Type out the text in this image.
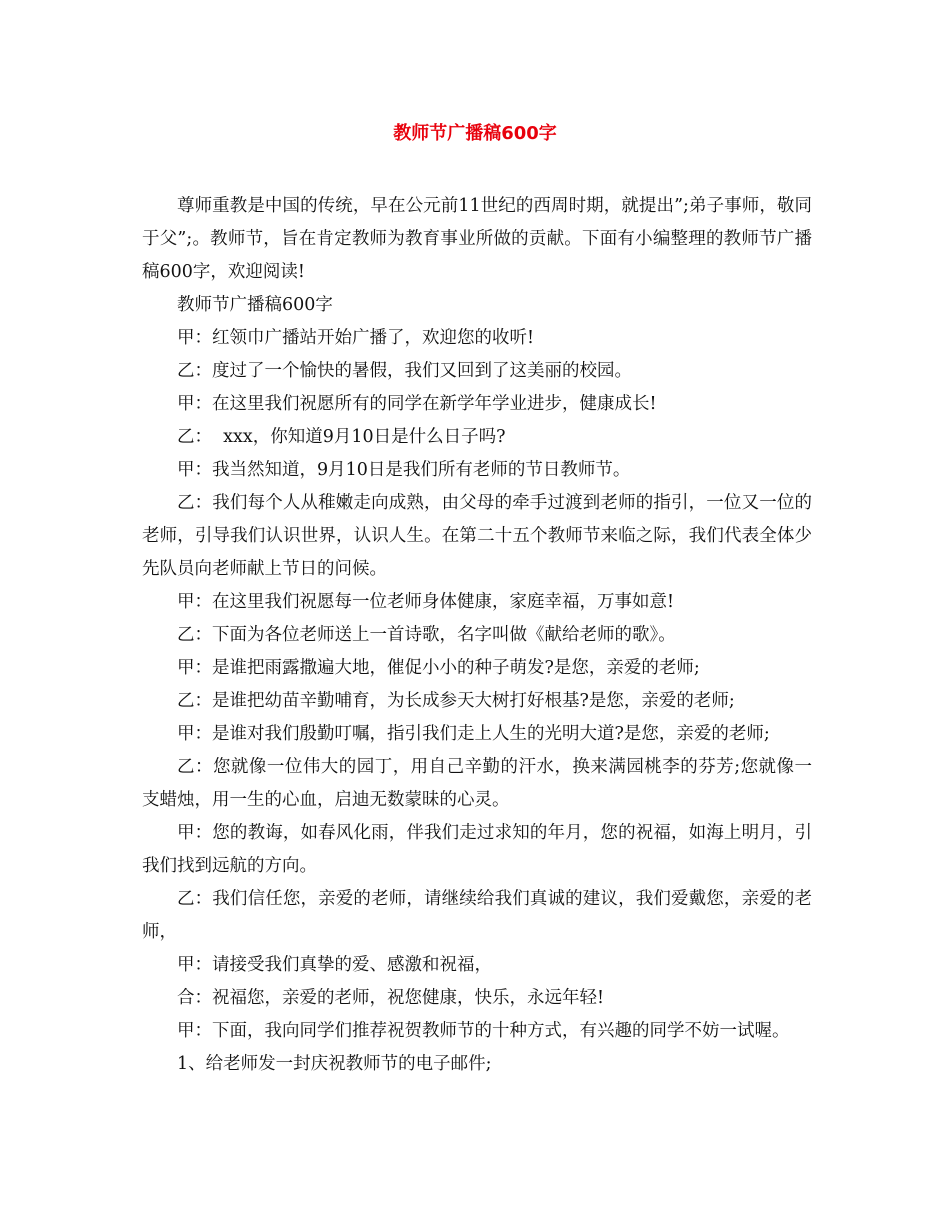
教师节广播稿600字

尊师重教是中国的传统，早在公元前11世纪的西周时期，就提出”;弟子事师，敬同于父”;。教师节，旨在肯定教师为教育事业所做的贡献。下面有小编整理的教师节广播稿600字，欢迎阅读!

教师节广播稿600字

甲：红领巾广播站开始广播了，欢迎您的收听!

乙：度过了一个愉快的暑假，我们又回到了这美丽的校园。

甲：在这里我们祝愿所有的同学在新学年学业进步，健康成长!

乙：  xxx，你知道9月10日是什么日子吗?

甲：我当然知道，9月10日是我们所有老师的节日教师节。

乙：我们每个人从稚嫩走向成熟，由父母的牵手过渡到老师的指引，一位又一位的老师，引导我们认识世界，认识人生。在第二十五个教师节来临之际，我们代表全体少先队员向老师献上节日的问候。

甲：在这里我们祝愿每一位老师身体健康，家庭幸福，万事如意!

乙：下面为各位老师送上一首诗歌，名字叫做《献给老师的歌》。

甲：是谁把雨露撒遍大地，催促小小的种子萌发?是您，亲爱的老师;

乙：是谁把幼苗辛勤哺育，为长成参天大树打好根基?是您，亲爱的老师;

甲：是谁对我们殷勤叮嘱，指引我们走上人生的光明大道?是您，亲爱的老师;

乙：您就像一位伟大的园丁，用自己辛勤的汗水，换来满园桃李的芬芳;您就像一支蜡烛，用一生的心血，启迪无数蒙昧的心灵。

甲：您的教诲，如春风化雨，伴我们走过求知的年月，您的祝福，如海上明月，引我们找到远航的方向。

乙：我们信任您，亲爱的老师，请继续给我们真诚的建议，我们爱戴您，亲爱的老师，

甲：请接受我们真挚的爱、感激和祝福，

合：祝福您，亲爱的老师，祝您健康，快乐，永远年轻!

甲：下面，我向同学们推荐祝贺教师节的十种方式，有兴趣的同学不妨一试喔。

1、给老师发一封庆祝教师节的电子邮件;
